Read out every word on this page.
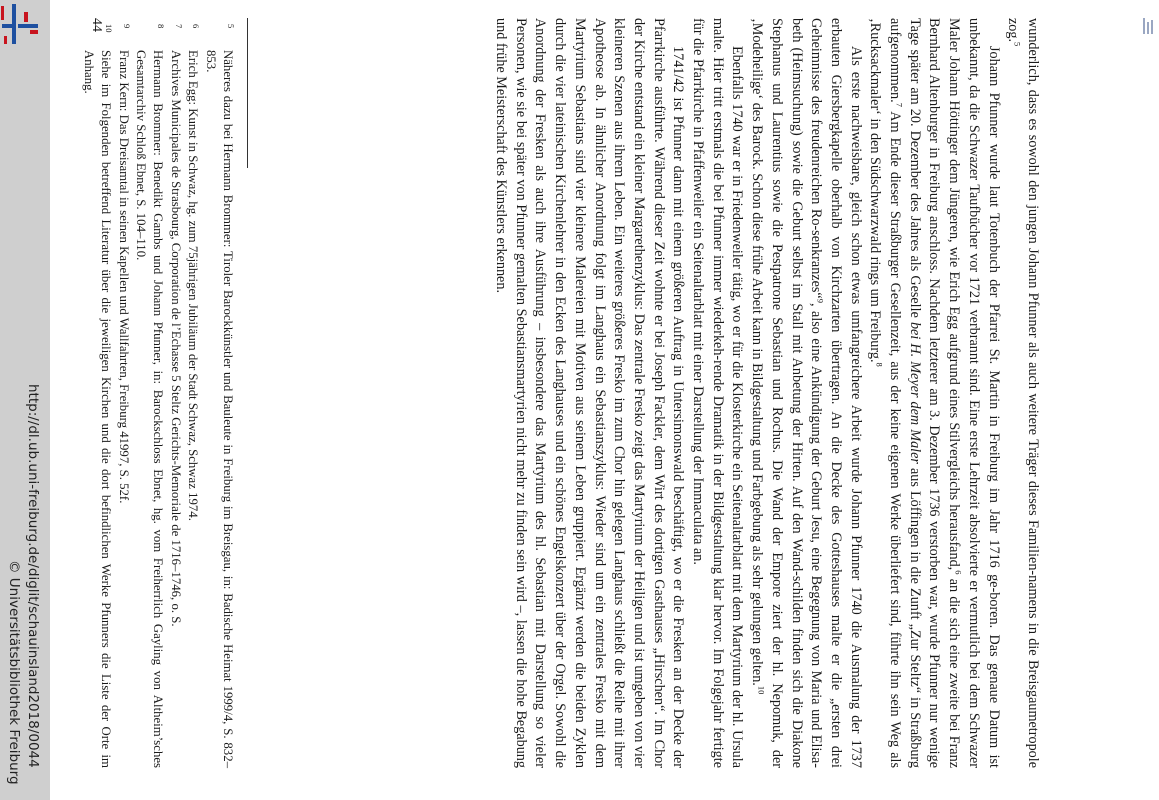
http://dl.ub.uni-freiburg.de/diglit/schauinsland2018/0044
© Universitätsbibliothek Freiburg	wunderlich, dass es sowohl den jungen Johann Pfunner als auch weitere Träger dieses Familien-namens in die Breisgaumetropole zog.$^5$

Johann Pfunner wurde laut Totenbuch der Pfarrei St. Martin in Freiburg im Jahr 1716 ge-boren. Das genaue Datum ist unbekannt, da die Schwazer Taufbücher vor 1721 verbrannt sind. Eine erste Lehrzeit absolvierte er vermutlich bei dem Schwazer Maler Johann Höttinger dem Jüngeren, wie Erich Egg aufgrund eines Stilvergleichs herausfand,$^6$ an die sich eine zweite bei Franz Bernhard Altenburger in Freiburg anschloss. Nachdem letzterer am 3. Dezember 1736 verstorben war, wurde Pfunner nur wenige Tage später am 20. Dezember des Jahres als Geselle bei H. Meyer dem Maler aus Löffingen in die Zunft „Zur Steltz“ in Straßburg aufgenommen.$^7$ Am Ende dieser Straßburger Gesellenzeit, aus der keine eigenen Werke überliefert sind, führte ihn sein Weg als ‚Rucksackmaler‘ in den Südschwarzwald rings um Freiburg.$^8$

Als erste nachweisbare, gleich schon etwas umfangreichere Arbeit wurde Johann Pfunner 1740 die Ausmalung der 1737 erbauten Giersbergkapelle oberhalb von Kirchzarten übertragen. An die Decke des Gotteshauses malte er die „ersten drei Geheimnisse des freudenreichen Ro-senkranzes“$^9$, also eine Ankündigung der Geburt Jesu, eine Begegnung von Maria und Elisa-beth (Heimsuchung) sowie die Geburt selbst im Stall mit Anbetung der Hirten. Auf den Wand-schilden finden sich die Diakone Stephanus und Laurentius sowie die Pestpatrone Sebastian und Rochus. Die Wand der Empore ziert der hl. Nepomuk, der ‚Modeheilige‘ des Barock. Schon diese frühe Arbeit kann in Bildgestaltung und Farbgebung als sehr gelungen gelten.$^{10}$

Ebenfalls 1740 war er in Friedenweiler tätig, wo er für die Klosterkirche ein Seitenaltarblatt mit dem Martyrium der hl. Ursula malte. Hier tritt erstmals die bei Pfunner immer wiederkeh-rende Dramatik in der Bildgestaltung klar hervor. Im Folgejahr fertigte für die Pfarrkirche in Pfaffenweiler ein Seitenaltarblatt mit einer Darstellung der Immaculata an.

1741/42 ist Pfunner dann mit einem größeren Auftrag in Untersimonswald beschäftigt, wo er die Fresken an der Decke der Pfarrkirche ausführte. Während dieser Zeit wohnte er bei Joseph Fackler, dem Wirt des dortigen Gasthauses „Hirschen“. Im Chor der Kirche entstand ein kleiner Margarethenzyklus: Das zentrale Fresko zeigt das Martyrium der Heiligen und ist umgeben von vier kleineren Szenen aus ihrem Leben. Ein weiteres größeres Fresko im zum Chor hin gelegen Langhaus schließt die Reihe mit ihrer Apotheose ab. In ähnlicher Anordnung folgt im Langhaus ein Sebastianszyklus: Wieder sind um ein zentrales Fresko mit dem Martyrium Sebastians sind vier kleinere Malereien mit Motiven aus seinem Leben gruppiert. Ergänzt werden die beiden Zyklen durch die vier lateinischen Kirchenlehrer in den Ecken des Langhauses und ein schönes Engelskonzert über der Orgel. Sowohl die Anordnung der Fresken als auch ihre Ausführung – insbesondere das Martyrium des hl. Sebastian mit Darstellung so vieler Personen, wie sie bei später von Pfunner gemalten Sebastiansmartyrien nicht mehr zu finden sein wird –, lassen die hohe Begabung und frühe Meisterschaft des Künstlers erkennen.

5
Näheres dazu bei Hermann Brommer: Tiroler Barockkünstler und Bauleute in Freiburg im Breisgau, in: Badische Heimat 1999/4, S. 832–853.
6
Erich Egg: Kunst in Schwaz, hg. zum 75jährigen Jubiläum der Stadt Schwaz, Schwaz 1974.
7
Archives Municipales de Strasbourg, Corporation de l’Echasse 5 Steltz Gerichts-Memoriale de 1716–1746, o. S.
8
Hermann Brommer: Benedikt Gambs und Johann Pfunner, in: Barockschloss Ebnet, hg. vom Freiherrlich Gayling von Altheim’sches Gesamtarchiv Schloß Ebnet, S. 104–110.
9
Franz Kern: Das Dreisamtal in seinen Kapellen und Wallfahrten, Freiburg 41997, S. 52f.
10
Siehe im Folgenden betreffend Literatur über die jeweiligen Kirchen und die dort befindlichen Werke Pfunners die Liste der Orte im Anhang.
44
